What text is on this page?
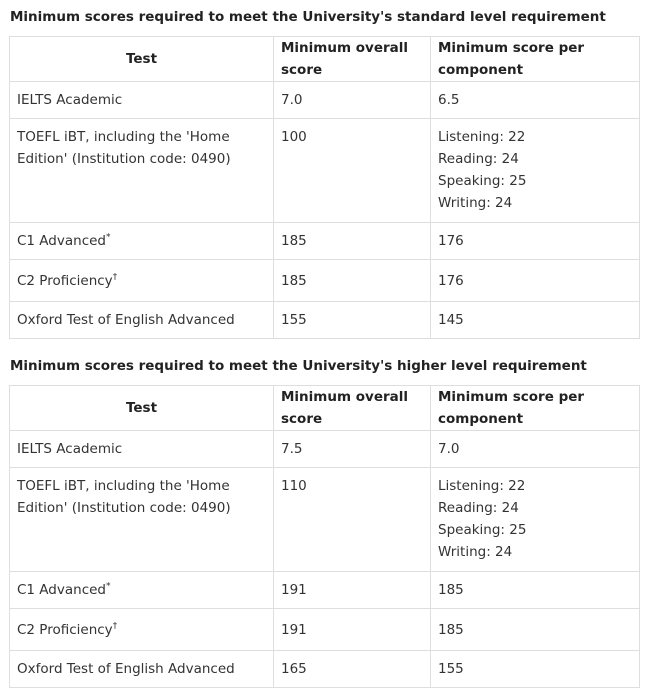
Minimum scores required to meet the University's standard level requirement
Test	Minimum overall score	Minimum score per component
IELTS Academic	7.0	6.5
TOEFL iBT, including the 'Home Edition' (Institution code: 0490)	100	Listening: 22
Reading: 24
Speaking: 25
Writing: 24

C1 Advanced*	185	176
C2 Proficiency†	185	176
Oxford Test of English Advanced	155	145
Minimum scores required to meet the University's higher level requirement
Test	Minimum overall score	Minimum score per component
IELTS Academic	7.5	7.0
TOEFL iBT, including the 'Home Edition' (Institution code: 0490)	110	Listening: 22
Reading: 24
Speaking: 25
Writing: 24

C1 Advanced*	191	185
C2 Proficiency†	191	185
Oxford Test of English Advanced	165	155
